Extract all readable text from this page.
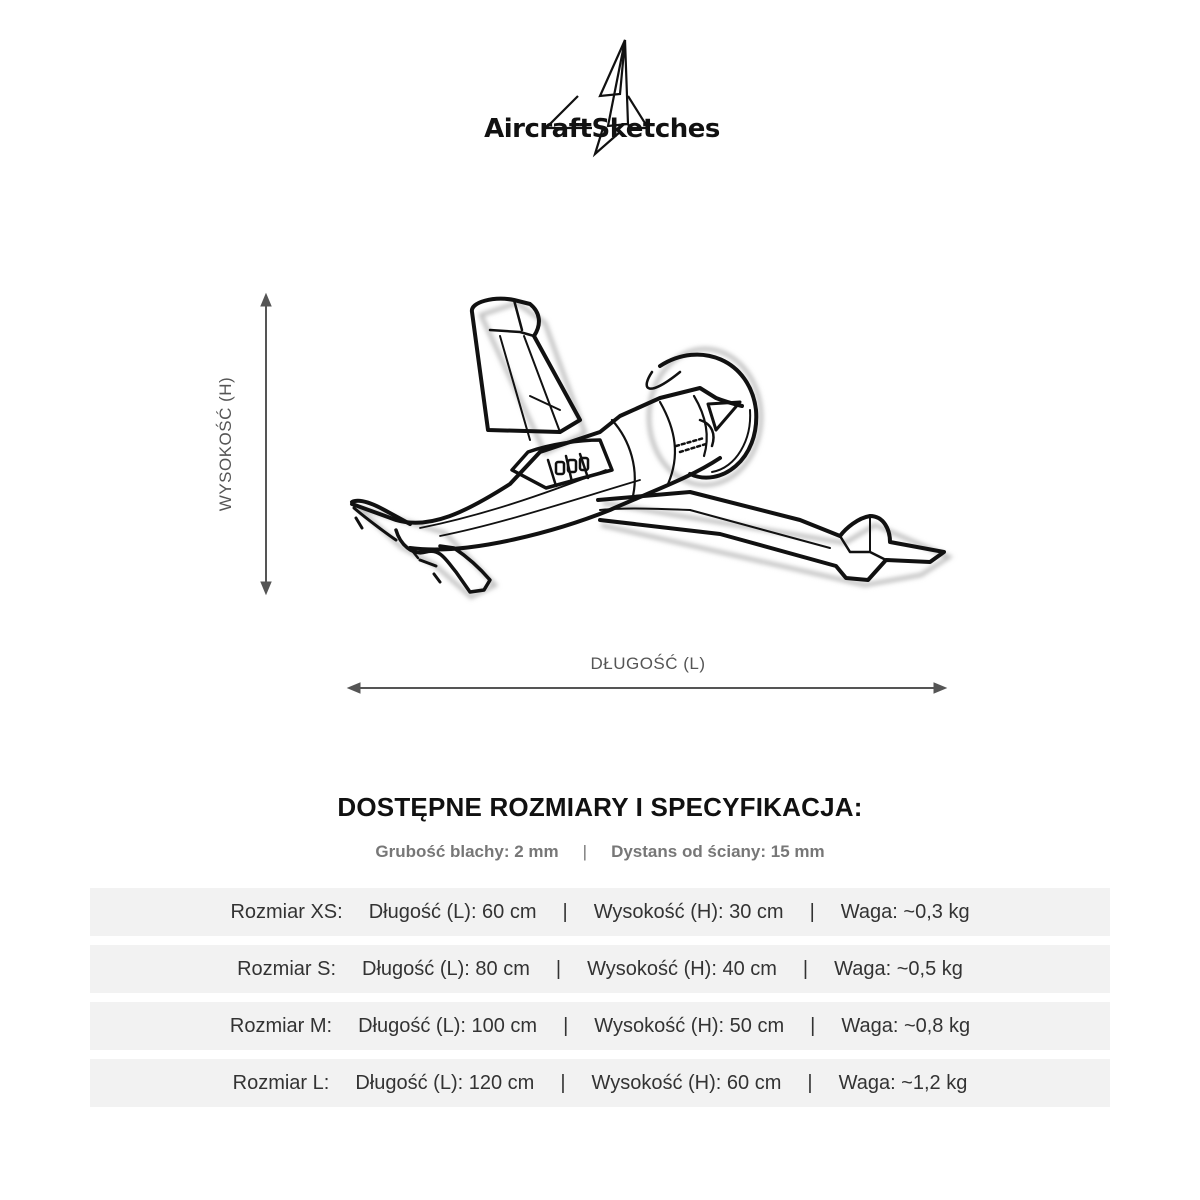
AircraftSketches
WYSOKOŚĆ (H)
DŁUGOŚĆ (L)
DOSTĘPNE ROZMIARY I SPECYFIKACJA:
Grubość blachy: 2 mm | Dystans od ściany: 15 mm
Rozmiar XS: Długość (L): 60 cm | Wysokość (H): 30 cm | Waga: ~0,3 kg
Rozmiar S: Długość (L): 80 cm | Wysokość (H): 40 cm | Waga: ~0,5 kg
Rozmiar M: Długość (L): 100 cm | Wysokość (H): 50 cm | Waga: ~0,8 kg
Rozmiar L: Długość (L): 120 cm | Wysokość (H): 60 cm | Waga: ~1,2 kg
